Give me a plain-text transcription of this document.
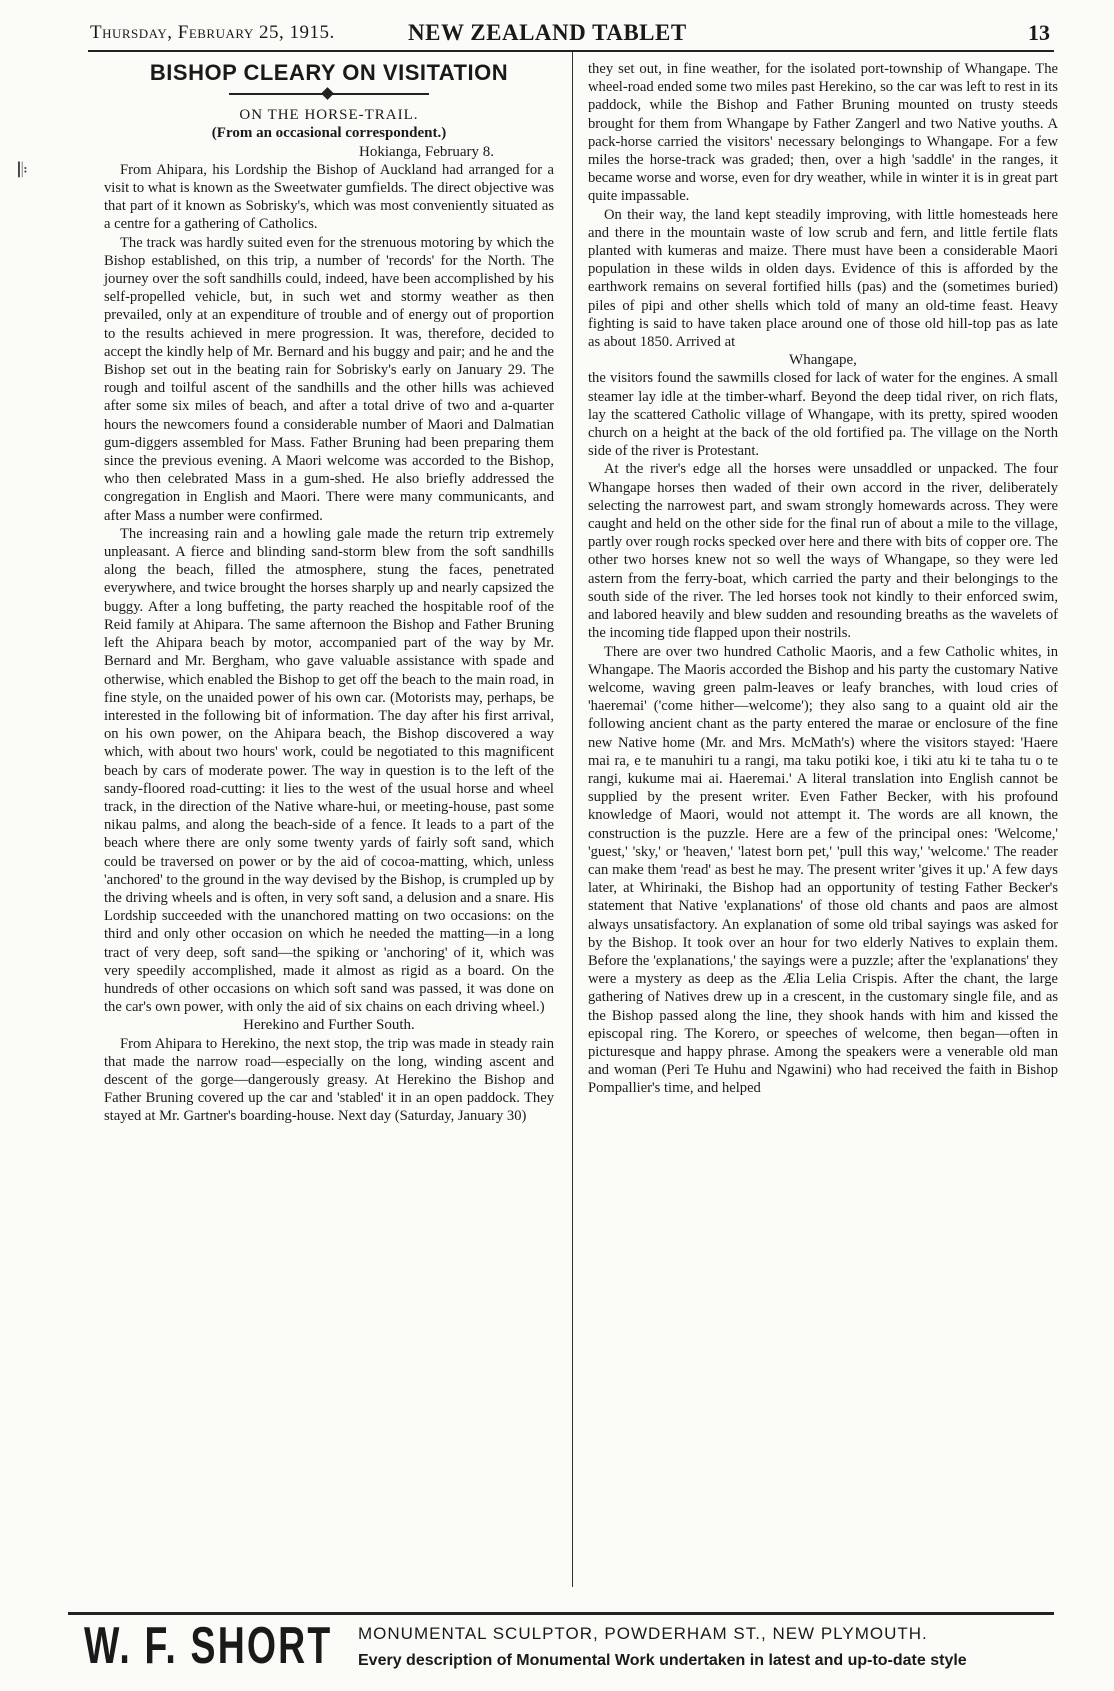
Thursday, February 25, 1915.	NEW ZEALAND TABLET	13
𝄆
BISHOP CLEARY ON VISITATION

ON THE HORSE-TRAIL.

(From an occasional correspondent.)

Hokianga, February 8.

From Ahipara, his Lordship the Bishop of Auckland had arranged for a visit to what is known as the Sweetwater gumfields. The direct objective was that part of it known as Sobrisky's, which was most conveniently situated as a centre for a gathering of Catholics.

The track was hardly suited even for the strenuous motoring by which the Bishop established, on this trip, a number of 'records' for the North. The journey over the soft sandhills could, indeed, have been accomplished by his self-propelled vehicle, but, in such wet and stormy weather as then prevailed, only at an expenditure of trouble and of energy out of proportion to the results achieved in mere progression. It was, therefore, decided to accept the kindly help of Mr. Bernard and his buggy and pair; and he and the Bishop set out in the beating rain for Sobrisky's early on January 29. The rough and toilful ascent of the sandhills and the other hills was achieved after some six miles of beach, and after a total drive of two and a-quarter hours the newcomers found a considerable number of Maori and Dalmatian gum-diggers assembled for Mass. Father Bruning had been preparing them since the previous evening. A Maori welcome was accorded to the Bishop, who then celebrated Mass in a gum-shed. He also briefly addressed the congregation in English and Maori. There were many communicants, and after Mass a number were confirmed.

The increasing rain and a howling gale made the return trip extremely unpleasant. A fierce and blinding sand-storm blew from the soft sandhills along the beach, filled the atmosphere, stung the faces, penetrated everywhere, and twice brought the horses sharply up and nearly capsized the buggy. After a long buffeting, the party reached the hospitable roof of the Reid family at Ahipara. The same afternoon the Bishop and Father Bruning left the Ahipara beach by motor, accompanied part of the way by Mr. Bernard and Mr. Bergham, who gave valuable assistance with spade and otherwise, which enabled the Bishop to get off the beach to the main road, in fine style, on the unaided power of his own car. (Motorists may, perhaps, be interested in the following bit of information. The day after his first arrival, on his own power, on the Ahipara beach, the Bishop discovered a way which, with about two hours' work, could be negotiated to this magnificent beach by cars of moderate power. The way in question is to the left of the sandy-floored road-cutting: it lies to the west of the usual horse and wheel track, in the direction of the Native whare-hui, or meeting-house, past some nikau palms, and along the beach-side of a fence. It leads to a part of the beach where there are only some twenty yards of fairly soft sand, which could be traversed on power or by the aid of cocoa-matting, which, unless 'anchored' to the ground in the way devised by the Bishop, is crumpled up by the driving wheels and is often, in very soft sand, a delusion and a snare. His Lordship succeeded with the unanchored matting on two occasions: on the third and only other occasion on which he needed the matting—in a long tract of very deep, soft sand—the spiking or 'anchoring' of it, which was very speedily accomplished, made it almost as rigid as a board. On the hundreds of other occasions on which soft sand was passed, it was done on the car's own power, with only the aid of six chains on each driving wheel.)

Herekino and Further South.

From Ahipara to Herekino, the next stop, the trip was made in steady rain that made the narrow road—especially on the long, winding ascent and descent of the gorge—dangerously greasy. At Herekino the Bishop and Father Bruning covered up the car and 'stabled' it in an open paddock. They stayed at Mr. Gartner's boarding-house. Next day (Saturday, January 30)

they set out, in fine weather, for the isolated port-township of Whangape. The wheel-road ended some two miles past Herekino, so the car was left to rest in its paddock, while the Bishop and Father Bruning mounted on trusty steeds brought for them from Whangape by Father Zangerl and two Native youths. A pack-horse carried the visitors' necessary belongings to Whangape. For a few miles the horse-track was graded; then, over a high 'saddle' in the ranges, it became worse and worse, even for dry weather, while in winter it is in great part quite impassable.

On their way, the land kept steadily improving, with little homesteads here and there in the mountain waste of low scrub and fern, and little fertile flats planted with kumeras and maize. There must have been a considerable Maori population in these wilds in olden days. Evidence of this is afforded by the earthwork remains on several fortified hills (pas) and the (sometimes buried) piles of pipi and other shells which told of many an old-time feast. Heavy fighting is said to have taken place around one of those old hill-top pas as late as about 1850. Arrived at

Whangape,

the visitors found the sawmills closed for lack of water for the engines. A small steamer lay idle at the timber-wharf. Beyond the deep tidal river, on rich flats, lay the scattered Catholic village of Whangape, with its pretty, spired wooden church on a height at the back of the old fortified pa. The village on the North side of the river is Protestant.

At the river's edge all the horses were unsaddled or unpacked. The four Whangape horses then waded of their own accord in the river, deliberately selecting the narrowest part, and swam strongly homewards across. They were caught and held on the other side for the final run of about a mile to the village, partly over rough rocks specked over here and there with bits of copper ore. The other two horses knew not so well the ways of Whangape, so they were led astern from the ferry-boat, which carried the party and their belongings to the south side of the river. The led horses took not kindly to their enforced swim, and labored heavily and blew sudden and resounding breaths as the wavelets of the incoming tide flapped upon their nostrils.

There are over two hundred Catholic Maoris, and a few Catholic whites, in Whangape. The Maoris accorded the Bishop and his party the customary Native welcome, waving green palm-leaves or leafy branches, with loud cries of 'haeremai' ('come hither—welcome'); they also sang to a quaint old air the following ancient chant as the party entered the marae or enclosure of the fine new Native home (Mr. and Mrs. McMath's) where the visitors stayed: 'Haere mai ra, e te manuhiri tu a rangi, ma taku potiki koe, i tiki atu ki te taha tu o te rangi, kukume mai ai. Haeremai.' A literal translation into English cannot be supplied by the present writer. Even Father Becker, with his profound knowledge of Maori, would not attempt it. The words are all known, the construction is the puzzle. Here are a few of the principal ones: 'Welcome,' 'guest,' 'sky,' or 'heaven,' 'latest born pet,' 'pull this way,' 'welcome.' The reader can make them 'read' as best he may. The present writer 'gives it up.' A few days later, at Whirinaki, the Bishop had an opportunity of testing Father Becker's statement that Native 'explanations' of those old chants and paos are almost always unsatisfactory. An explanation of some old tribal sayings was asked for by the Bishop. It took over an hour for two elderly Natives to explain them. Before the 'explanations,' the sayings were a puzzle; after the 'explanations' they were a mystery as deep as the Ælia Lelia Crispis. After the chant, the large gathering of Natives drew up in a crescent, in the customary single file, and as the Bishop passed along the line, they shook hands with him and kissed the episcopal ring. The Korero, or speeches of welcome, then began—often in picturesque and happy phrase. Among the speakers were a venerable old man and woman (Peri Te Huhu and Ngawini) who had received the faith in Bishop Pompallier's time, and helped

W. F. SHORT MONUMENTAL SCULPTOR, POWDERHAM ST., NEW PLYMOUTH.
Every description of Monumental Work undertaken in latest and up-to-date style
